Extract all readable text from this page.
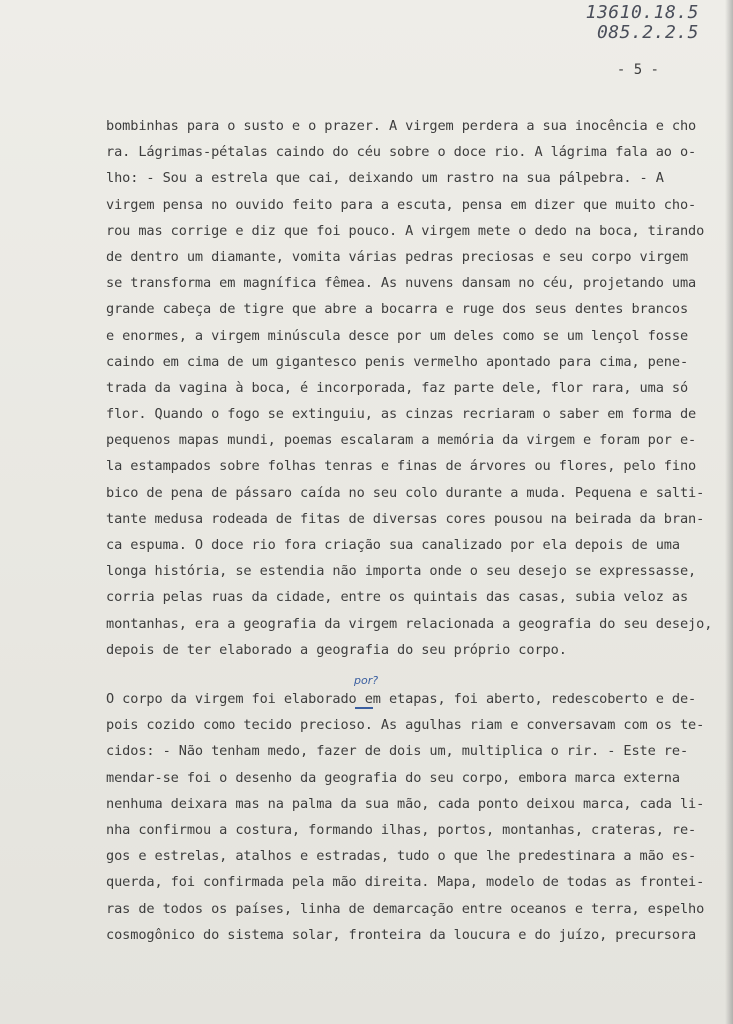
13610.18.5
085.2.2.5
- 5 -
bombinhas para o susto e o prazer. A virgem perdera a sua inocência e cho
ra. Lágrimas-pétalas caindo do céu sobre o doce rio. A lágrima fala ao o-
lho: - Sou a estrela que cai, deixando um rastro na sua pálpebra. - A
virgem pensa no ouvido feito para a escuta, pensa em dizer que muito cho-
rou mas corrige e diz que foi pouco. A virgem mete o dedo na boca, tirando
de dentro um diamante, vomita várias pedras preciosas e seu corpo virgem
se transforma em magnífica fêmea. As nuvens dansam no céu, projetando uma
grande cabeça de tigre que abre a bocarra e ruge dos seus dentes brancos
e enormes, a virgem minúscula desce por um deles como se um lençol fosse
caindo em cima de um gigantesco penis vermelho apontado para cima, pene-
trada da vagina à boca, é incorporada, faz parte dele, flor rara, uma só
flor. Quando o fogo se extinguiu, as cinzas recriaram o saber em forma de
pequenos mapas mundi, poemas escalaram a memória da virgem e foram por e-
la estampados sobre folhas tenras e finas de árvores ou flores, pelo fino
bico de pena de pássaro caída no seu colo durante a muda. Pequena e salti-
tante medusa rodeada de fitas de diversas cores pousou na beirada da bran-
ca espuma. O doce rio fora criação sua canalizado por ela depois de uma
longa história, se estendia não importa onde o seu desejo se expressasse,
corria pelas ruas da cidade, entre os quintais das casas, subia veloz as
montanhas, era a geografia da virgem relacionada a geografia do seu desejo,
depois de ter elaborado a geografia do seu próprio corpo.
por?
O corpo da virgem foi elaborado em etapas, foi aberto, redescoberto e de-
pois cozido como tecido precioso. As agulhas riam e conversavam com os te-
cidos: - Não tenham medo, fazer de dois um, multiplica o rir. - Este re-
mendar-se foi o desenho da geografia do seu corpo, embora marca externa
nenhuma deixara mas na palma da sua mão, cada ponto deixou marca, cada li-
nha confirmou a costura, formando ilhas, portos, montanhas, crateras, re-
gos e estrelas, atalhos e estradas, tudo o que lhe predestinara a mão es-
querda, foi confirmada pela mão direita. Mapa, modelo de todas as frontei-
ras de todos os países, linha de demarcação entre oceanos e terra, espelho
cosmogônico do sistema solar, fronteira da loucura e do juízo, precursora
